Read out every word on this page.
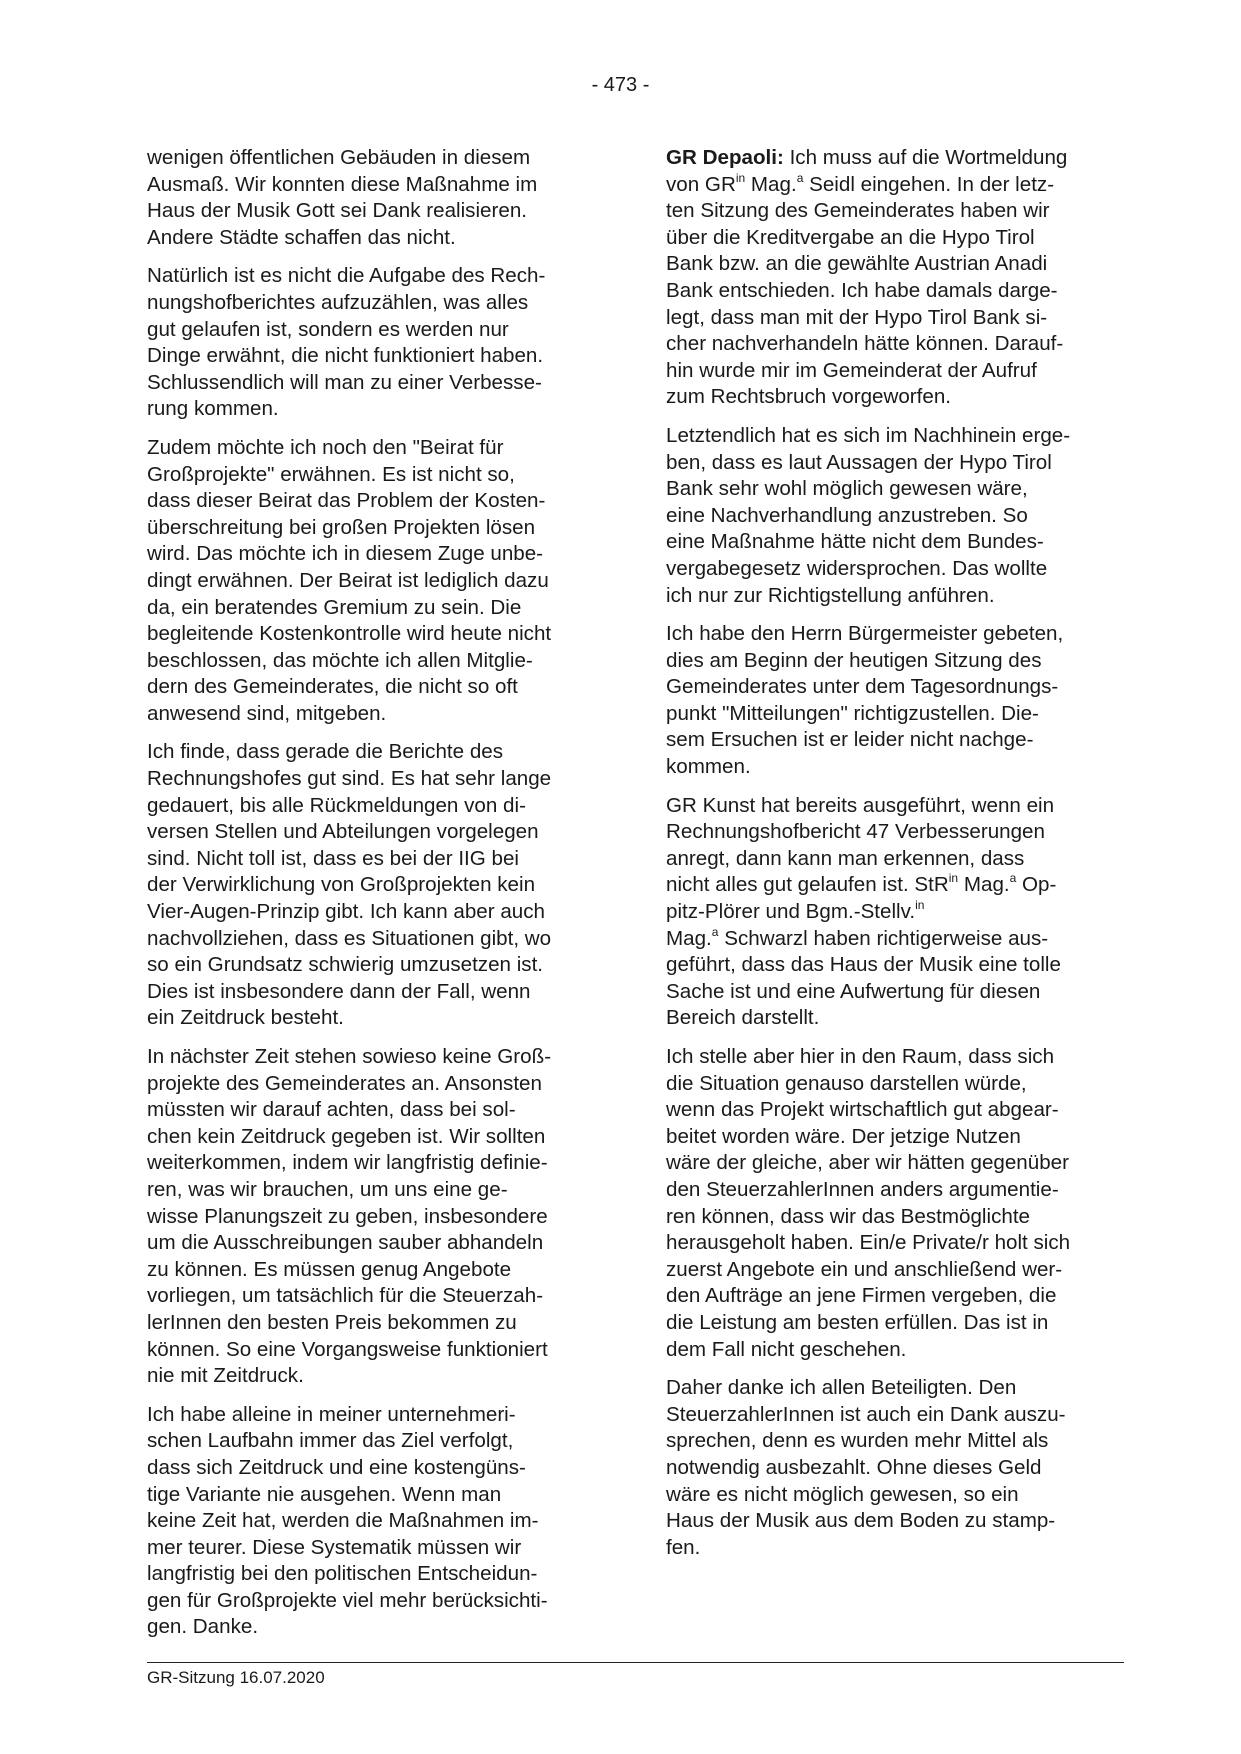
- 473 -

wenigen öffentlichen Gebäuden in diesem
Ausmaß. Wir konnten diese Maßnahme im
Haus der Musik Gott sei Dank realisieren.
Andere Städte schaffen das nicht.

Natürlich ist es nicht die Aufgabe des Rech-
nungshofberichtes aufzuzählen, was alles
gut gelaufen ist, sondern es werden nur
Dinge erwähnt, die nicht funktioniert haben.
Schlussendlich will man zu einer Verbesse-
rung kommen.

Zudem möchte ich noch den "Beirat für
Großprojekte" erwähnen. Es ist nicht so,
dass dieser Beirat das Problem der Kosten-
überschreitung bei großen Projekten lösen
wird. Das möchte ich in diesem Zuge unbe-
dingt erwähnen. Der Beirat ist lediglich dazu
da, ein beratendes Gremium zu sein. Die
begleitende Kostenkontrolle wird heute nicht
beschlossen, das möchte ich allen Mitglie-
dern des Gemeinderates, die nicht so oft
anwesend sind, mitgeben.

Ich finde, dass gerade die Berichte des
Rechnungshofes gut sind. Es hat sehr lange
gedauert, bis alle Rückmeldungen von di-
versen Stellen und Abteilungen vorgelegen
sind. Nicht toll ist, dass es bei der IIG bei
der Verwirklichung von Großprojekten kein
Vier-Augen-Prinzip gibt. Ich kann aber auch
nachvollziehen, dass es Situationen gibt, wo
so ein Grundsatz schwierig umzusetzen ist.
Dies ist insbesondere dann der Fall, wenn
ein Zeitdruck besteht.

In nächster Zeit stehen sowieso keine Groß-
projekte des Gemeinderates an. Ansonsten
müssten wir darauf achten, dass bei sol-
chen kein Zeitdruck gegeben ist. Wir sollten
weiterkommen, indem wir langfristig definie-
ren, was wir brauchen, um uns eine ge-
wisse Planungszeit zu geben, insbesondere
um die Ausschreibungen sauber abhandeln
zu können. Es müssen genug Angebote
vorliegen, um tatsächlich für die Steuerzah-
lerInnen den besten Preis bekommen zu
können. So eine Vorgangsweise funktioniert
nie mit Zeitdruck.

Ich habe alleine in meiner unternehmeri-
schen Laufbahn immer das Ziel verfolgt,
dass sich Zeitdruck und eine kostengüns-
tige Variante nie ausgehen. Wenn man
keine Zeit hat, werden die Maßnahmen im-
mer teurer. Diese Systematik müssen wir
langfristig bei den politischen Entscheidun-
gen für Großprojekte viel mehr berücksichti-
gen. Danke.

GR Depaoli: Ich muss auf die Wortmeldung
von $GR^{in}$ Mag.$^a$ Seidl eingehen. In der letz-
ten Sitzung des Gemeinderates haben wir
über die Kreditvergabe an die Hypo Tirol
Bank bzw. an die gewählte Austrian Anadi
Bank entschieden. Ich habe damals darge-
legt, dass man mit der Hypo Tirol Bank si-
cher nachverhandeln hätte können. Darauf-
hin wurde mir im Gemeinderat der Aufruf
zum Rechtsbruch vorgeworfen.

Letztendlich hat es sich im Nachhinein erge-
ben, dass es laut Aussagen der Hypo Tirol
Bank sehr wohl möglich gewesen wäre,
eine Nachverhandlung anzustreben. So
eine Maßnahme hätte nicht dem Bundes-
vergabegesetz widersprochen. Das wollte
ich nur zur Richtigstellung anführen.

Ich habe den Herrn Bürgermeister gebeten,
dies am Beginn der heutigen Sitzung des
Gemeinderates unter dem Tagesordnungs-
punkt "Mitteilungen" richtigzustellen. Die-
sem Ersuchen ist er leider nicht nachge-
kommen.

GR Kunst hat bereits ausgeführt, wenn ein
Rechnungshofbericht 47 Verbesserungen
anregt, dann kann man erkennen, dass
nicht alles gut gelaufen ist. StR$^{in}$ Mag.$^a$ Op-
pitz-Plörer und Bgm.-Stellv.$^{in}$
Mag.$^a$ Schwarzl haben richtigerweise aus-
geführt, dass das Haus der Musik eine tolle
Sache ist und eine Aufwertung für diesen
Bereich darstellt.

Ich stelle aber hier in den Raum, dass sich
die Situation genauso darstellen würde,
wenn das Projekt wirtschaftlich gut abgear-
beitet worden wäre. Der jetzige Nutzen
wäre der gleiche, aber wir hätten gegenüber
den SteuerzahlerInnen anders argumentie-
ren können, dass wir das Bestmöglichte
herausgeholt haben. Ein/e Private/r holt sich
zuerst Angebote ein und anschließend wer-
den Aufträge an jene Firmen vergeben, die
die Leistung am besten erfüllen. Das ist in
dem Fall nicht geschehen.

Daher danke ich allen Beteiligten. Den
SteuerzahlerInnen ist auch ein Dank auszu-
sprechen, denn es wurden mehr Mittel als
notwendig ausbezahlt. Ohne dieses Geld
wäre es nicht möglich gewesen, so ein
Haus der Musik aus dem Boden zu stamp-
fen.

GR-Sitzung 16.07.2020
